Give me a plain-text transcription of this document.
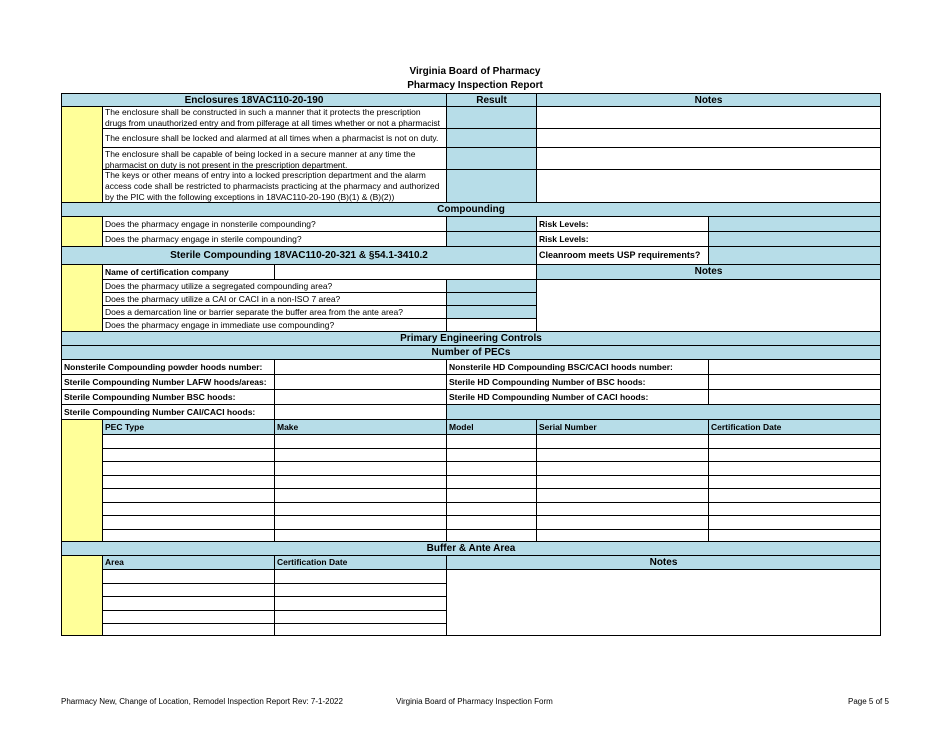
Virginia Board of Pharmacy
Pharmacy Inspection Report
Enclosures 18VAC110-20-190	Result	Notes
The enclosure shall be constructed in such a manner that it protects the prescription drugs from unauthorized entry and from pilferage at all times whether or not a pharmacist
The enclosure shall be locked and alarmed at all times when a pharmacist is not on duty.
The enclosure shall be capable of being locked in a secure manner at any time the pharmacist on duty is not present in the prescription department.
The keys or other means of entry into a locked prescription department and the alarm access code shall be restricted to pharmacists practicing at the pharmacy and authorized by the PIC with the following exceptions in 18VAC110-20-190 (B)(1) & (B)(2))
Compounding
Does the pharmacy engage in nonsterile compounding?	Risk Levels:
Does the pharmacy engage in sterile compounding?	Risk Levels:
Sterile Compounding 18VAC110-20-321 & §54.1-3410.2	Cleanroom meets USP requirements?
Name of certification company	Notes
Does the pharmacy utilize a segregated compounding area?
Does the pharmacy utilize a CAI or CACI in a non-ISO 7 area?
Does a demarcation line or barrier separate the buffer area from the ante area?
Does the pharmacy engage in immediate use compounding?
Primary Engineering Controls
Number of PECs
Nonsterile Compounding powder hoods number:	Nonsterile HD Compounding BSC/CACI hoods number:
Sterile Compounding Number LAFW hoods/areas:	Sterile HD Compounding Number of BSC hoods:
Sterile Compounding Number BSC hoods:	Sterile HD Compounding Number of CACI hoods:
Sterile Compounding Number CAI/CACI hoods:
PEC Type	Make	Model	Serial Number	Certification Date
Buffer & Ante Area
Area	Certification Date	Notes
Pharmacy New, Change of Location, Remodel Inspection Report Rev: 7-1-2022	Virginia Board of Pharmacy Inspection Form	Page 5 of 5
